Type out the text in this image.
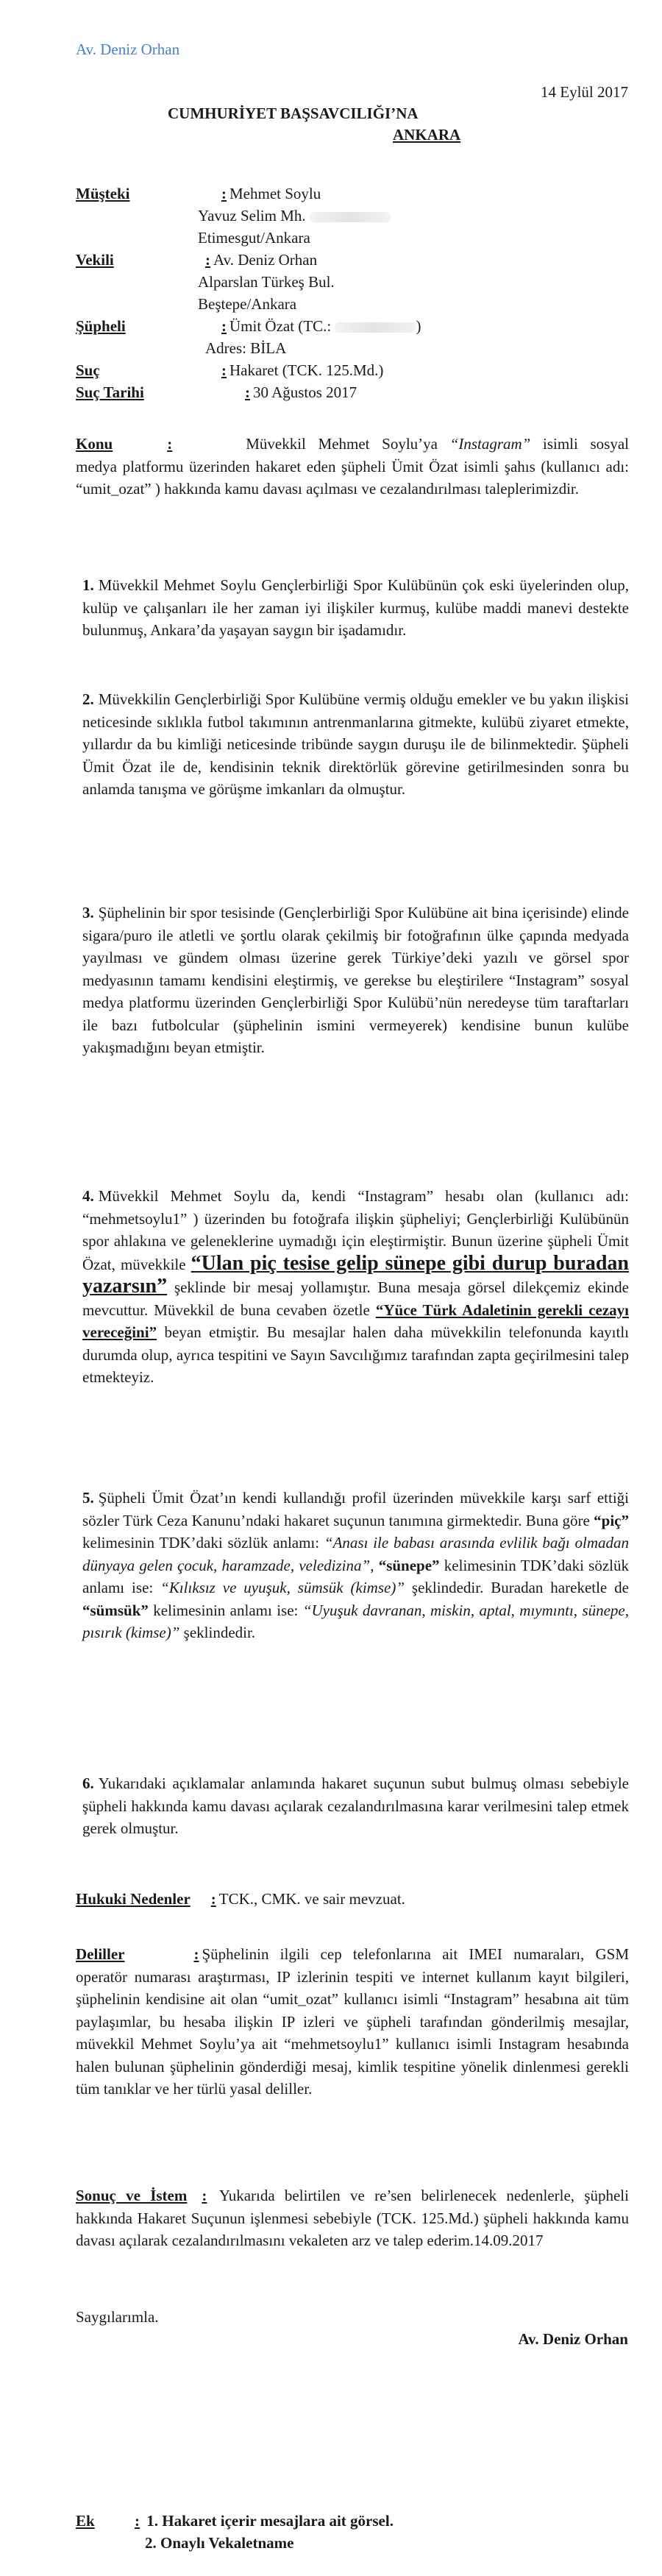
Av. Deniz Orhan
14 Eylül 2017
CUMHURİYET BAŞSAVCILIĞI’NA
ANKARA
Müşteki	: Mehmet Soylu
Yavuz Selim Mh.
Etimesgut/Ankara
Vekili	: Av. Deniz Orhan
Alparslan Türkeş Bul.
Beştepe/Ankara
Şüpheli	: Ümit Özat (TC.:	)
Adres: BİLA
Suç	: Hakaret (TCK. 125.Md.)
Suç Tarihi	: 30 Ağustos 2017
Konu	:	Müvekkil Mehmet Soylu’ya “Instagram” isimli sosyal medya platformu üzerinden hakaret eden şüpheli Ümit Özat isimli şahıs (kullanıcı adı: “umit_ozat” ) hakkında kamu davası açılması ve cezalandırılması taleplerimizdir.
1. Müvekkil Mehmet Soylu Gençlerbirliği Spor Kulübünün çok eski üyelerinden olup, kulüp ve çalışanları ile her zaman iyi ilişkiler kurmuş, kulübe maddi manevi destekte bulunmuş, Ankara’da yaşayan saygın bir işadamıdır.
2. Müvekkilin Gençlerbirliği Spor Kulübüne vermiş olduğu emekler ve bu yakın ilişkisi neticesinde sıklıkla futbol takımının antrenmanlarına gitmekte, kulübü ziyaret etmekte, yıllardır da bu kimliği neticesinde tribünde saygın duruşu ile de bilinmektedir. Şüpheli Ümit Özat ile de, kendisinin teknik direktörlük görevine getirilmesinden sonra bu anlamda tanışma ve görüşme imkanları da olmuştur.
3. Şüphelinin bir spor tesisinde (Gençlerbirliği Spor Kulübüne ait bina içerisinde) elinde sigara/puro ile atletli ve şortlu olarak çekilmiş bir fotoğrafının ülke çapında medyada yayılması ve gündem olması üzerine gerek Türkiye’deki yazılı ve görsel spor medyasının tamamı kendisini eleştirmiş, ve gerekse bu eleştirilere “Instagram” sosyal medya platformu üzerinden Gençlerbirliği Spor Kulübü’nün neredeyse tüm taraftarları ile bazı futbolcular (şüphelinin ismini vermeyerek) kendisine bunun kulübe yakışmadığını beyan etmiştir.
4. Müvekkil Mehmet Soylu da, kendi “Instagram” hesabı olan (kullanıcı adı: “mehmetsoylu1” ) üzerinden bu fotoğrafa ilişkin şüpheliyi; Gençlerbirliği Kulübünün spor ahlakına ve geleneklerine uymadığı için eleştirmiştir. Bunun üzerine şüpheli Ümit Özat, müvekkile “Ulan piç tesise gelip sünepe gibi durup buradan yazarsın” şeklinde bir mesaj yollamıştır. Buna mesaja görsel dilekçemiz ekinde mevcuttur. Müvekkil de buna cevaben özetle “Yüce Türk Adaletinin gerekli cezayı vereceğini” beyan etmiştir. Bu mesajlar halen daha müvekkilin telefonunda kayıtlı durumda olup, ayrıca tespitini ve Sayın Savcılığımız tarafından zapta geçirilmesini talep etmekteyiz.
5. Şüpheli Ümit Özat’ın kendi kullandığı profil üzerinden müvekkile karşı sarf ettiği sözler Türk Ceza Kanunu’ndaki hakaret suçunun tanımına girmektedir. Buna göre “piç” kelimesinin TDK’daki sözlük anlamı: “Anası ile babası arasında evlilik bağı olmadan dünyaya gelen çocuk, haramzade, veledizina”, “sünepe” kelimesinin TDK’daki sözlük anlamı ise: “Kılıksız ve uyuşuk, sümsük (kimse)” şeklindedir. Buradan hareketle de “sümsük” kelimesinin anlamı ise: “Uyuşuk davranan, miskin, aptal, mıymıntı, sünepe, pısırık (kimse)” şeklindedir.
6. Yukarıdaki açıklamalar anlamında hakaret suçunun subut bulmuş olması sebebiyle şüpheli hakkında kamu davası açılarak cezalandırılmasına karar verilmesini talep etmek gerek olmuştur.
Hukuki Nedenler : TCK., CMK. ve sair mevzuat.
Deliller	: Şüphelinin ilgili cep telefonlarına ait IMEI numaraları, GSM operatör numarası araştırması, IP izlerinin tespiti ve internet kullanım kayıt bilgileri, şüphelinin kendisine ait olan “umit_ozat” kullanıcı isimli “Instagram” hesabına ait tüm paylaşımlar, bu hesaba ilişkin IP izleri ve şüpheli tarafından gönderilmiş mesajlar, müvekkil Mehmet Soylu’ya ait “mehmetsoylu1” kullanıcı isimli Instagram hesabında halen bulunan şüphelinin gönderdiği mesaj, kimlik tespitine yönelik dinlenmesi gerekli tüm tanıklar ve her türlü yasal deliller.
Sonuç ve İstem : Yukarıda belirtilen ve re’sen belirlenecek nedenlerle, şüpheli hakkında Hakaret Suçunun işlenmesi sebebiyle (TCK. 125.Md.) şüpheli hakkında kamu davası açılarak cezalandırılmasını vekaleten arz ve talep ederim.14.09.2017
Saygılarımla.
Av. Deniz Orhan
Ek	: 1. Hakaret içerir mesajlara ait görsel.
2. Onaylı Vekaletname
